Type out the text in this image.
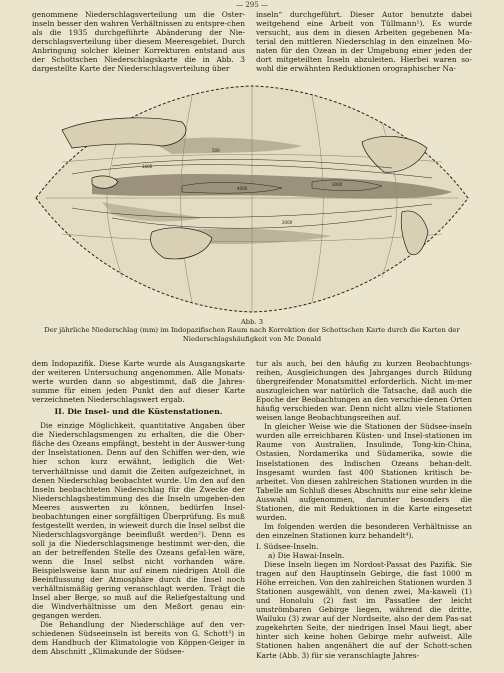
— 295 —

genommene Niederschlagsverteilung um die Oster-inseln besser den wahren Verhältnissen zu entspre-chen als die 1935 durchgeführte Abänderung der Nie-derschlagsverteilung über diesem Meeresgebiet. Durch Anbringung solcher kleiner Korrekturen entstand aus der Schottschen Niederschlagskarte die in Abb. 3 dargestellte Karte der Niederschlagsverteilung über

inseln“ durchgeführt. Dieser Autor benutzte dabei weitgehend eine Arbeit von Tüllmann¹). Es wurde versucht, aus dem in diesen Arbeiten gegebenen Ma-terial den mittleren Niederschlag in den einzelnen Mo-naten für den Ozean in der Umgebung einer jeden der dort mitgeteilten Inseln abzuleiten. Hierbei waren so-wohl die erwähnten Reduktionen orographischer Na-

4000
3000
1000
2000
500
Abb. 3
Der jährliche Niederschlag (mm) im Indopazifischen Raum nach Korrektion der Schottschen Karte durch die Karten der Niederschlagshäufigkeit von Mc Donald

dem Indopazifik. Diese Karte wurde als Ausgangskarte der weiteren Untersuchung angenommen. Alle Monats-werte wurden dann so abgestimmt, daß die Jahres-summe für einen jeden Punkt den auf dieser Karte verzeichneten Niederschlagswert ergab.

II. Die Insel- und die Küstenstationen.

Die einzige Möglichkeit, quantitative Angaben über die Niederschlagsmengen zu erhalten, die die Ober-fläche des Ozeans empfängt, besteht in der Auswer-tung der Inselstationen. Denn auf den Schiffen wer-den, wie hier schon kurz erwähnt, lediglich die Wet-terverhältnisse und damit die Zeiten aufgezeichnet, in denen Niederschlag beobachtet wurde. Um den auf den Inseln beobachteten Niederschlag für die Zwecke der Niederschlagsbestimmung des die Inseln umgeben-den Meeres auswerten zu können, bedürfen Insel-beobachtungen einer sorgfältigen Überprüfung. Es muß festgestellt werden, in wieweit durch die Insel selbst die Niederschlagsvorgänge beeinflußt werden²). Denn es soll ja die Niederschlagsmenge bestimmt wer-den, die an der betreffenden Stelle des Ozeans gefal-len wäre, wenn die Insel selbst nicht vorhanden wäre. Beispielsweise kann nur auf einem niedrigen Atoll die Beeinflussung der Atmosphäre durch die Insel noch verhältnismäßig gering veranschlagt werden. Trägt die Insel aber Berge, so muß auf die Reliefgestaltung und die Windverhältnisse um den Meßort genau ein-gegangen werden.

Die Behandlung der Niederschläge auf den ver-schiedenen Südseeinseln ist bereits von G. Schott³) in dem Handbuch der Klimatologie von Köppen-Geiger in dem Abschnitt „Klimakunde der Südsee-

tur als auch, bei den häufig zu kurzen Beobachtungs-reihen, Ausgleichungen des Jahrganges durch Bildung übergreifender Monatsmittel erforderlich. Nicht im-mer auszugleichen war natürlich die Tatsache, daß auch die Epoche der Beobachtungen an den verschie-denen Orten häufig verschieden war. Denn nicht allzu viele Stationen weisen lange Beobachtungsreihen auf.

In gleicher Weise wie die Stationen der Südsee-inseln wurden alle erreichbaren Küsten- und Insel-stationen im Raume von Australien, Insulinde, Tong-kin-China, Ostasien, Nordamerika und Südamerika, sowie die Inselstationen des Indischen Ozeans behan-delt. Insgesamt wurden fast 400 Stationen kritisch be-arbeitet. Von diesen zahlreichen Stationen wurden in die Tabelle am Schluß dieses Abschnitts nur eine sehr kleine Auswahl aufgenommen, darunter besonders die Stationen, die mit Reduktionen in die Karte eingesetzt wurden.

Im folgenden werden die besonderen Verhältnisse an den einzelnen Stationen kurz behandelt⁴).

I. Südsee-Inseln.

a) Die Hawai-Inseln.

Diese Inseln liegen im Nordost-Passat des Pazifik. Sie tragen auf den Hauptinseln Gebirge, die fast 1000 m Höhe erreichen. Von den zahlreichen Stationen wurden 3 Stationen ausgewählt, von denen zwei, Ma-kaweli (1) und Honolulu (2) fast im Passatlee der leicht umströmbaren Gebirge liegen, während die dritte, Wailuku (3) zwar auf der Nordseite, also der dem Pas-sat zugekehrten Seite, der niedrigen Insel Maui liegt, aber hinter sich keine hohen Gebirge mehr aufweist. Alle Stationen haben angenähert die auf der Schott-schen Karte (Abb. 3) für sie veranschlagte Jahres-
